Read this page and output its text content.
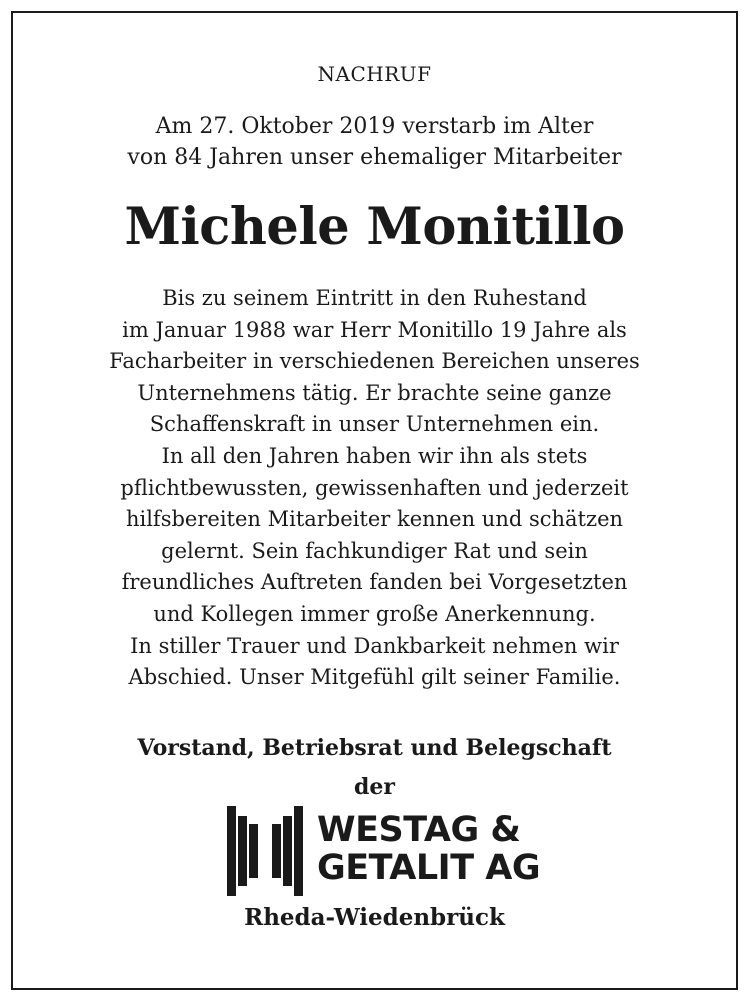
NACHRUF
Am 27. Oktober 2019 verstarb im Alter
von 84 Jahren unser ehemaliger Mitarbeiter
Michele Monitillo
Bis zu seinem Eintritt in den Ruhestand
im Januar 1988 war Herr Monitillo 19 Jahre als
Facharbeiter in verschiedenen Bereichen unseres
Unternehmens tätig. Er brachte seine ganze
Schaffenskraft in unser Unternehmen ein.
In all den Jahren haben wir ihn als stets
pflichtbewussten, gewissenhaften und jederzeit
hilfsbereiten Mitarbeiter kennen und schätzen
gelernt. Sein fachkundiger Rat und sein
freundliches Auftreten fanden bei Vorgesetzten
und Kollegen immer große Anerkennung.
In stiller Trauer und Dankbarkeit nehmen wir
Abschied. Unser Mitgefühl gilt seiner Familie.
Vorstand, Betriebsrat und Belegschaft
der
WESTAG &
GETALIT AG
Rheda-Wiedenbrück
